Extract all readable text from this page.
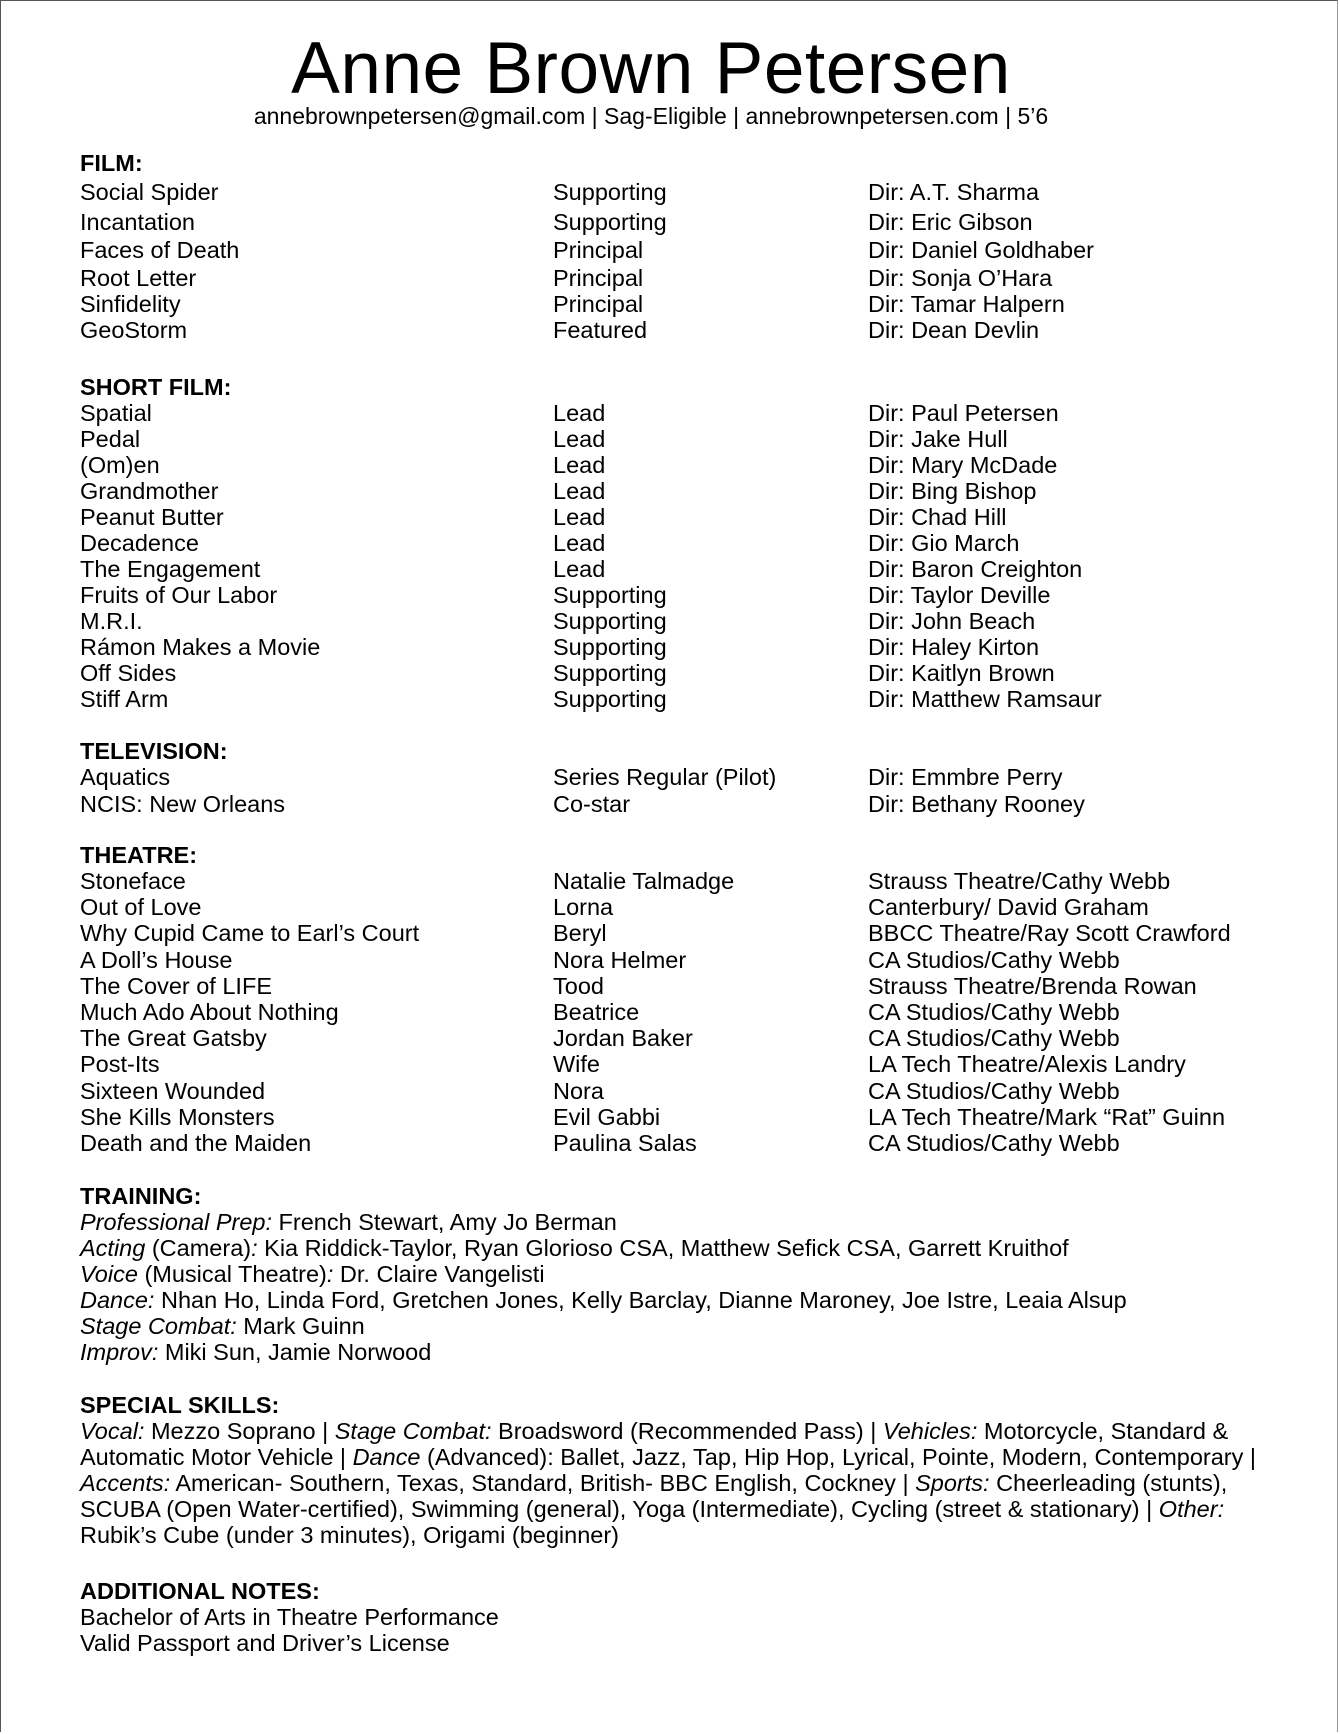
Anne Brown Petersen
annebrownpetersen@gmail.com | Sag-Eligible | annebrownpetersen.com | 5’6
FILM:
Social Spider	Supporting	Dir: A.T. Sharma
Incantation	Supporting	Dir: Eric Gibson
Faces of Death	Principal	Dir: Daniel Goldhaber
Root Letter	Principal	Dir: Sonja O’Hara
Sinfidelity	Principal	Dir: Tamar Halpern
GeoStorm	Featured	Dir: Dean Devlin
SHORT FILM:
Spatial	Lead	Dir: Paul Petersen
Pedal	Lead	Dir: Jake Hull
(Om)en	Lead	Dir: Mary McDade
Grandmother	Lead	Dir: Bing Bishop
Peanut Butter	Lead	Dir: Chad Hill
Decadence	Lead	Dir: Gio March
The Engagement	Lead	Dir: Baron Creighton
Fruits of Our Labor	Supporting	Dir: Taylor Deville
M.R.I.	Supporting	Dir: John Beach
Rámon Makes a Movie	Supporting	Dir: Haley Kirton
Off Sides	Supporting	Dir: Kaitlyn Brown
Stiff Arm	Supporting	Dir: Matthew Ramsaur
TELEVISION:
Aquatics	Series Regular (Pilot)	Dir: Emmbre Perry
NCIS: New Orleans	Co-star	Dir: Bethany Rooney
THEATRE:
Stoneface	Natalie Talmadge	Strauss Theatre/Cathy Webb
Out of Love	Lorna	Canterbury/ David Graham
Why Cupid Came to Earl’s Court	Beryl	BBCC Theatre/Ray Scott Crawford
A Doll’s House	Nora Helmer	CA Studios/Cathy Webb
The Cover of LIFE	Tood	Strauss Theatre/Brenda Rowan
Much Ado About Nothing	Beatrice	CA Studios/Cathy Webb
The Great Gatsby	Jordan Baker	CA Studios/Cathy Webb
Post-Its	Wife	LA Tech Theatre/Alexis Landry
Sixteen Wounded	Nora	CA Studios/Cathy Webb
She Kills Monsters	Evil Gabbi	LA Tech Theatre/Mark “Rat” Guinn
Death and the Maiden	Paulina Salas	CA Studios/Cathy Webb
TRAINING:
Professional Prep: French Stewart, Amy Jo Berman
Acting (Camera): Kia Riddick-Taylor, Ryan Glorioso CSA, Matthew Sefick CSA, Garrett Kruithof
Voice (Musical Theatre): Dr. Claire Vangelisti
Dance: Nhan Ho, Linda Ford, Gretchen Jones, Kelly Barclay, Dianne Maroney, Joe Istre, Leaia Alsup
Stage Combat: Mark Guinn
Improv: Miki Sun, Jamie Norwood
SPECIAL SKILLS:
Vocal: Mezzo Soprano | Stage Combat: Broadsword (Recommended Pass) | Vehicles: Motorcycle, Standard &
Automatic Motor Vehicle | Dance (Advanced): Ballet, Jazz, Tap, Hip Hop, Lyrical, Pointe, Modern, Contemporary |
Accents: American- Southern, Texas, Standard, British- BBC English, Cockney | Sports: Cheerleading (stunts),
SCUBA (Open Water-certified), Swimming (general), Yoga (Intermediate), Cycling (street & stationary) | Other:
Rubik’s Cube (under 3 minutes), Origami (beginner)
ADDITIONAL NOTES:
Bachelor of Arts in Theatre Performance
Valid Passport and Driver’s License
